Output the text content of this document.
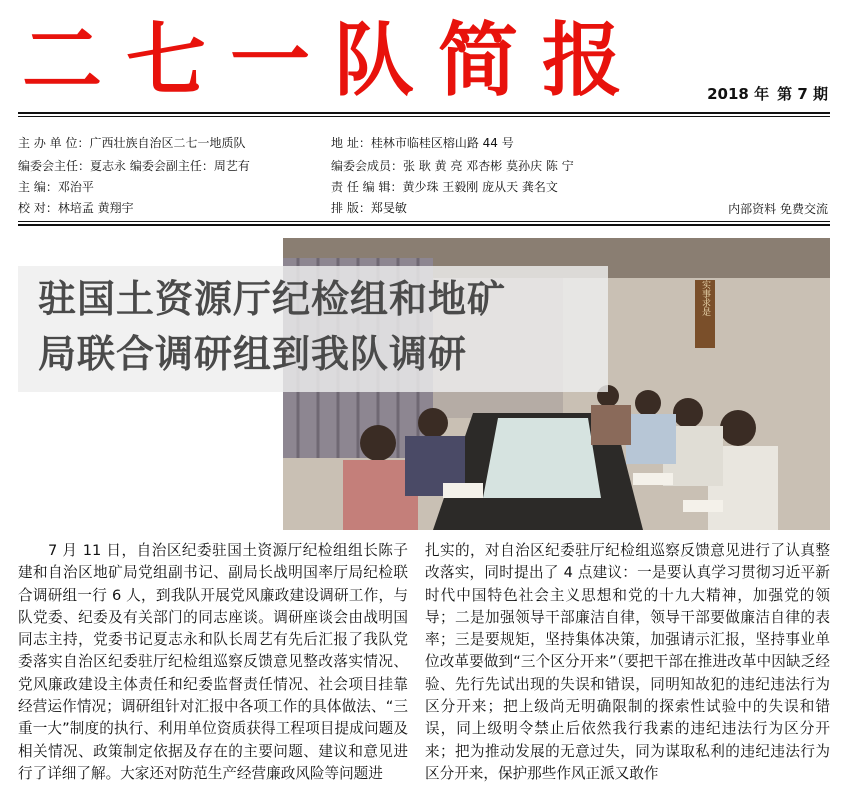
二七一队简报	2018 年 第 7 期
主 办 单 位：广西壮族自治区二七一地质队
编委会主任：夏志永 编委会副主任：周艺有
主 编：邓治平
校 对：林培孟 黄翔宇
地 址：桂林市临桂区榕山路 44 号
编委会成员：张 耿 黄 亮 邓杏彬 莫孙庆 陈 宁
责 任 编 辑：黄少珠 王毅刚 庞从天 龚名文
排 版：郑旻敏	内部资料 免费交流
实事求是
驻国土资源厅纪检组和地矿
局联合调研组到我队调研
7 月 11 日，自治区纪委驻国土资源厅纪检组组长陈子建和自治区地矿局党组副书记、副局长战明国率厅局纪检联合调研组一行 6 人，到我队开展党风廉政建设调研工作，与队党委、纪委及有关部门的同志座谈。调研座谈会由战明国同志主持，党委书记夏志永和队长周艺有先后汇报了我队党委落实自治区纪委驻厅纪检组巡察反馈意见整改落实情况、党风廉政建设主体责任和纪委监督责任情况、社会项目挂靠经营运作情况；调研组针对汇报中各项工作的具体做法、“三重一大”制度的执行、利用单位资质获得工程项目提成问题及相关情况、政策制定依据及存在的主要问题、建议和意见进行了详细了解。大家还对防范生产经营廉政风险等问题进
扎实的，对自治区纪委驻厅纪检组巡察反馈意见进行了认真整改落实，同时提出了 4 点建议：一是要认真学习贯彻习近平新时代中国特色社会主义思想和党的十九大精神，加强党的领导；二是加强领导干部廉洁自律，领导干部要做廉洁自律的表率；三是要规矩，坚持集体决策，加强请示汇报，坚持事业单位改革要做到“三个区分开来”（要把干部在推进改革中因缺乏经验、先行先试出现的失误和错误，同明知故犯的违纪违法行为区分开来；把上级尚无明确限制的探索性试验中的失误和错误，同上级明令禁止后依然我行我素的违纪违法行为区分开来；把为推动发展的无意过失，同为谋取私利的违纪违法行为区分开来，保护那些作风正派又敢作
